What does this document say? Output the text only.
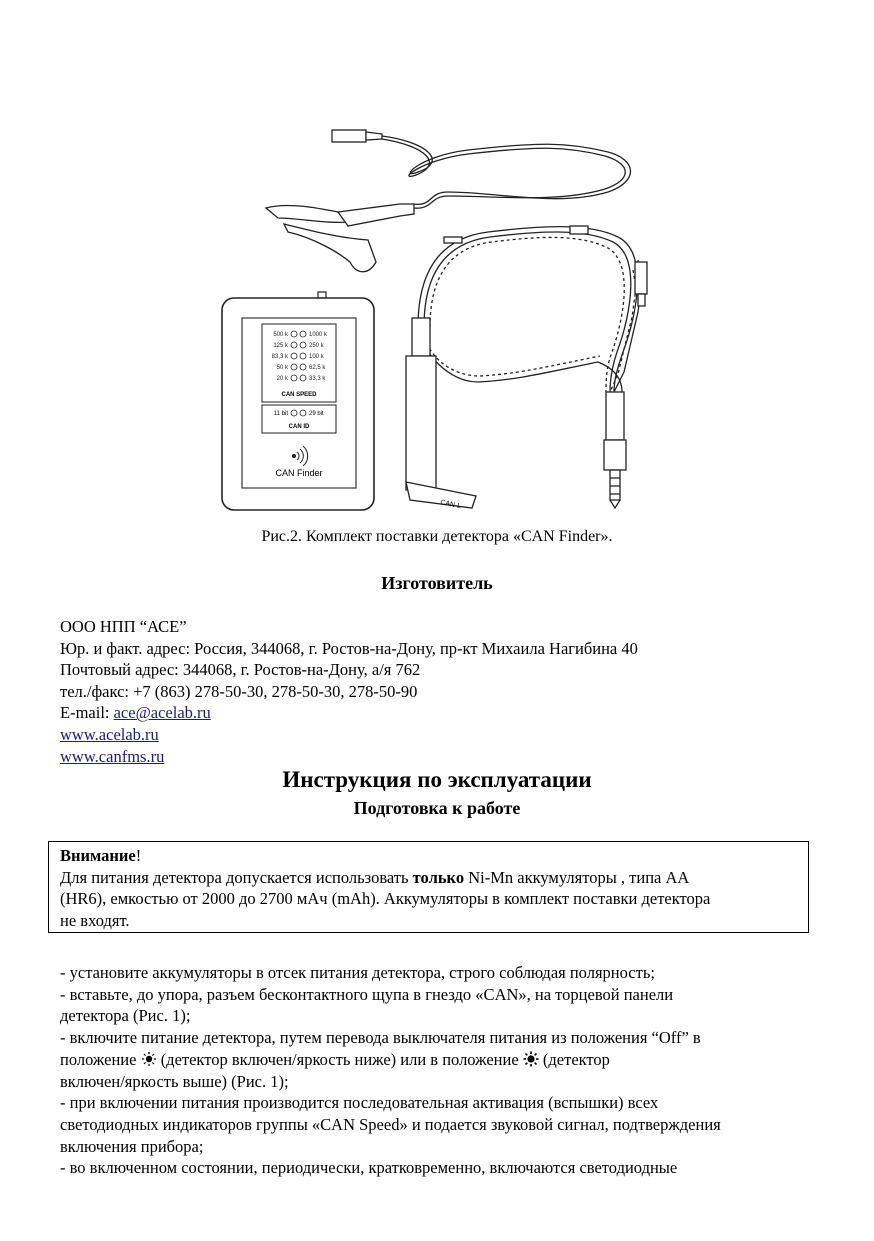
CAN-L
500 k	1000 k
125 k	250 k
83,3 k	100 k
50 k	62,5 k
20 k	33,3 k
CAN SPEED
11 bit	29 bit
CAN ID
CAN Finder
Рис.2. Комплект поставки детектора «CAN Finder».
Изготовитель
ООО НПП “АСЕ”
Юр. и факт. адрес: Россия, 344068, г. Ростов-на-Дону, пр-кт Михаила Нагибина 40
Почтовый адрес: 344068, г. Ростов-на-Дону, а/я 762
тел./факс: +7 (863) 278-50-30, 278-50-30, 278-50-90
E-mail: ace@acelab.ru
www.acelab.ru
www.canfms.ru
Инструкция по эксплуатации
Подготовка к работе
Внимание!
Для питания детектора допускается использовать только Ni-Mn аккумуляторы , типа АА
(HR6), емкостью от 2000 до 2700 мАч (mAh). Аккумуляторы в комплект поставки детектора
не входят.
- установите аккумуляторы в отсек питания детектора, строго соблюдая полярность;
- вставьте, до упора, разъем бесконтактного щупа в гнездо «CAN», на торцевой панели
детектора (Рис. 1);
- включите питание детектора, путем перевода выключателя питания из положения “Off” в
положение  (детектор включен/яркость ниже) или в положение  (детектор
включен/яркость выше) (Рис. 1);
- при включении питания производится последовательная активация (вспышки) всех
светодиодных индикаторов группы «CAN Speed» и подается звуковой сигнал, подтверждения
включения прибора;
- во включенном состоянии, периодически, кратковременно, включаются светодиодные
